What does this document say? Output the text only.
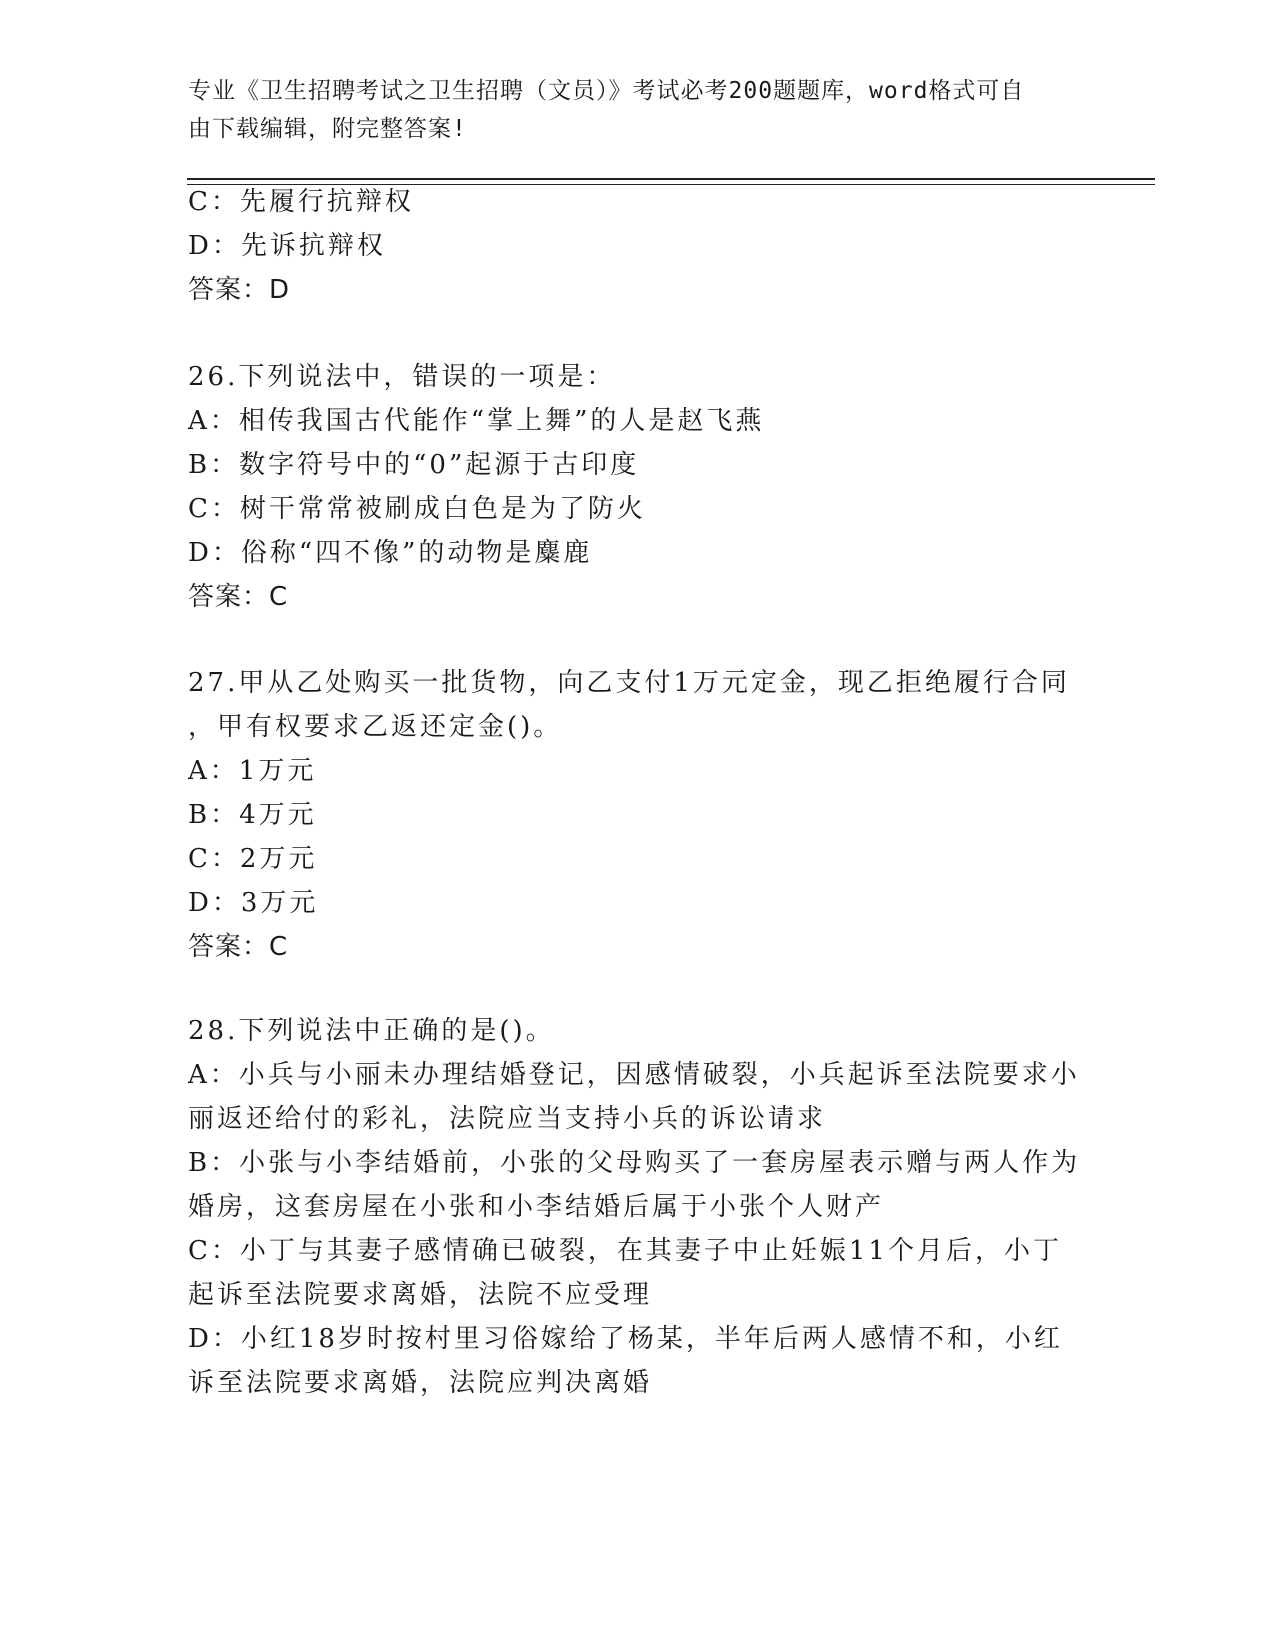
专业《卫生招聘考试之卫生招聘（文员）》考试必考200题题库，word格式可自
由下载编辑，附完整答案!
C：先履行抗辩权
D：先诉抗辩权
答案：D
26.下列说法中，错误的一项是：
A：相传我国古代能作“掌上舞”的人是赵飞燕
B：数字符号中的“0”起源于古印度
C：树干常常被刷成白色是为了防火
D：俗称“四不像”的动物是麋鹿
答案：C
27.甲从乙处购买一批货物，向乙支付1万元定金，现乙拒绝履行合同
，甲有权要求乙返还定金()。
A：1万元
B：4万元
C：2万元
D：3万元
答案：C
28.下列说法中正确的是()。
A：小兵与小丽未办理结婚登记，因感情破裂，小兵起诉至法院要求小
丽返还给付的彩礼，法院应当支持小兵的诉讼请求
B：小张与小李结婚前，小张的父母购买了一套房屋表示赠与两人作为
婚房，这套房屋在小张和小李结婚后属于小张个人财产
C：小丁与其妻子感情确已破裂，在其妻子中止妊娠11个月后，小丁
起诉至法院要求离婚，法院不应受理
D：小红18岁时按村里习俗嫁给了杨某，半年后两人感情不和，小红
诉至法院要求离婚，法院应判决离婚
